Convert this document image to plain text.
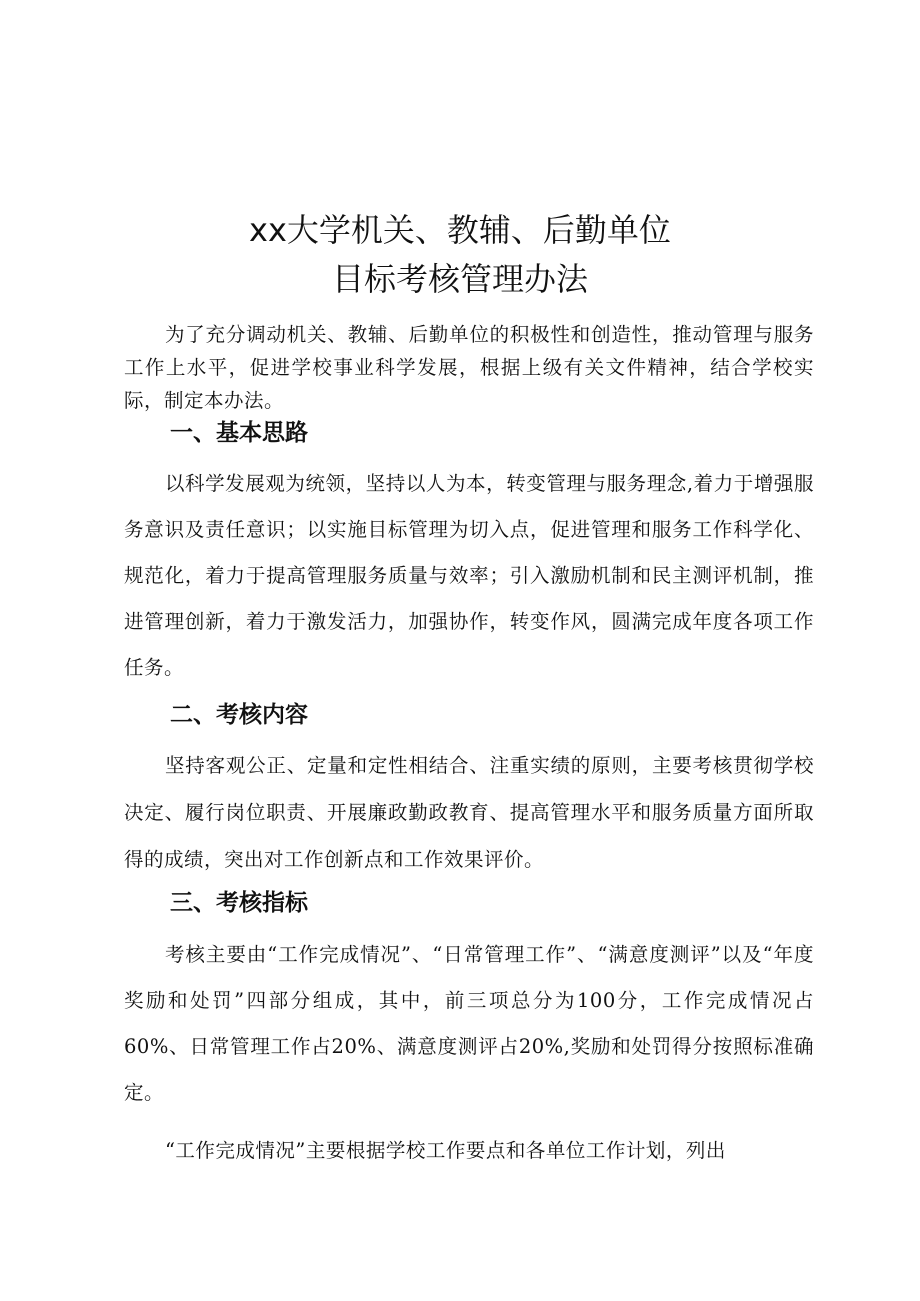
xx大学机关、教辅、后勤单位
目标考核管理办法

为了充分调动机关、教辅、后勤单位的积极性和创造性，推动管理与服务工作上水平，促进学校事业科学发展，根据上级有关文件精神，结合学校实际，制定本办法。

一、基本思路

以科学发展观为统领，坚持以人为本，转变管理与服务理念,着力于增强服务意识及责任意识；以实施目标管理为切入点，促进管理和服务工作科学化、规范化，着力于提高管理服务质量与效率；引入激励机制和民主测评机制，推进管理创新，着力于激发活力，加强协作，转变作风，圆满完成年度各项工作任务。

二、考核内容

坚持客观公正、定量和定性相结合、注重实绩的原则，主要考核贯彻学校决定、履行岗位职责、开展廉政勤政教育、提高管理水平和服务质量方面所取得的成绩，突出对工作创新点和工作效果评价。

三、考核指标

考核主要由“工作完成情况”、“日常管理工作”、“满意度测评”以及“年度奖励和处罚”四部分组成，其中，前三项总分为100分，工作完成情况占60%、日常管理工作占20%、满意度测评占20%,奖励和处罚得分按照标准确定。

“工作完成情况”主要根据学校工作要点和各单位工作计划，列出
